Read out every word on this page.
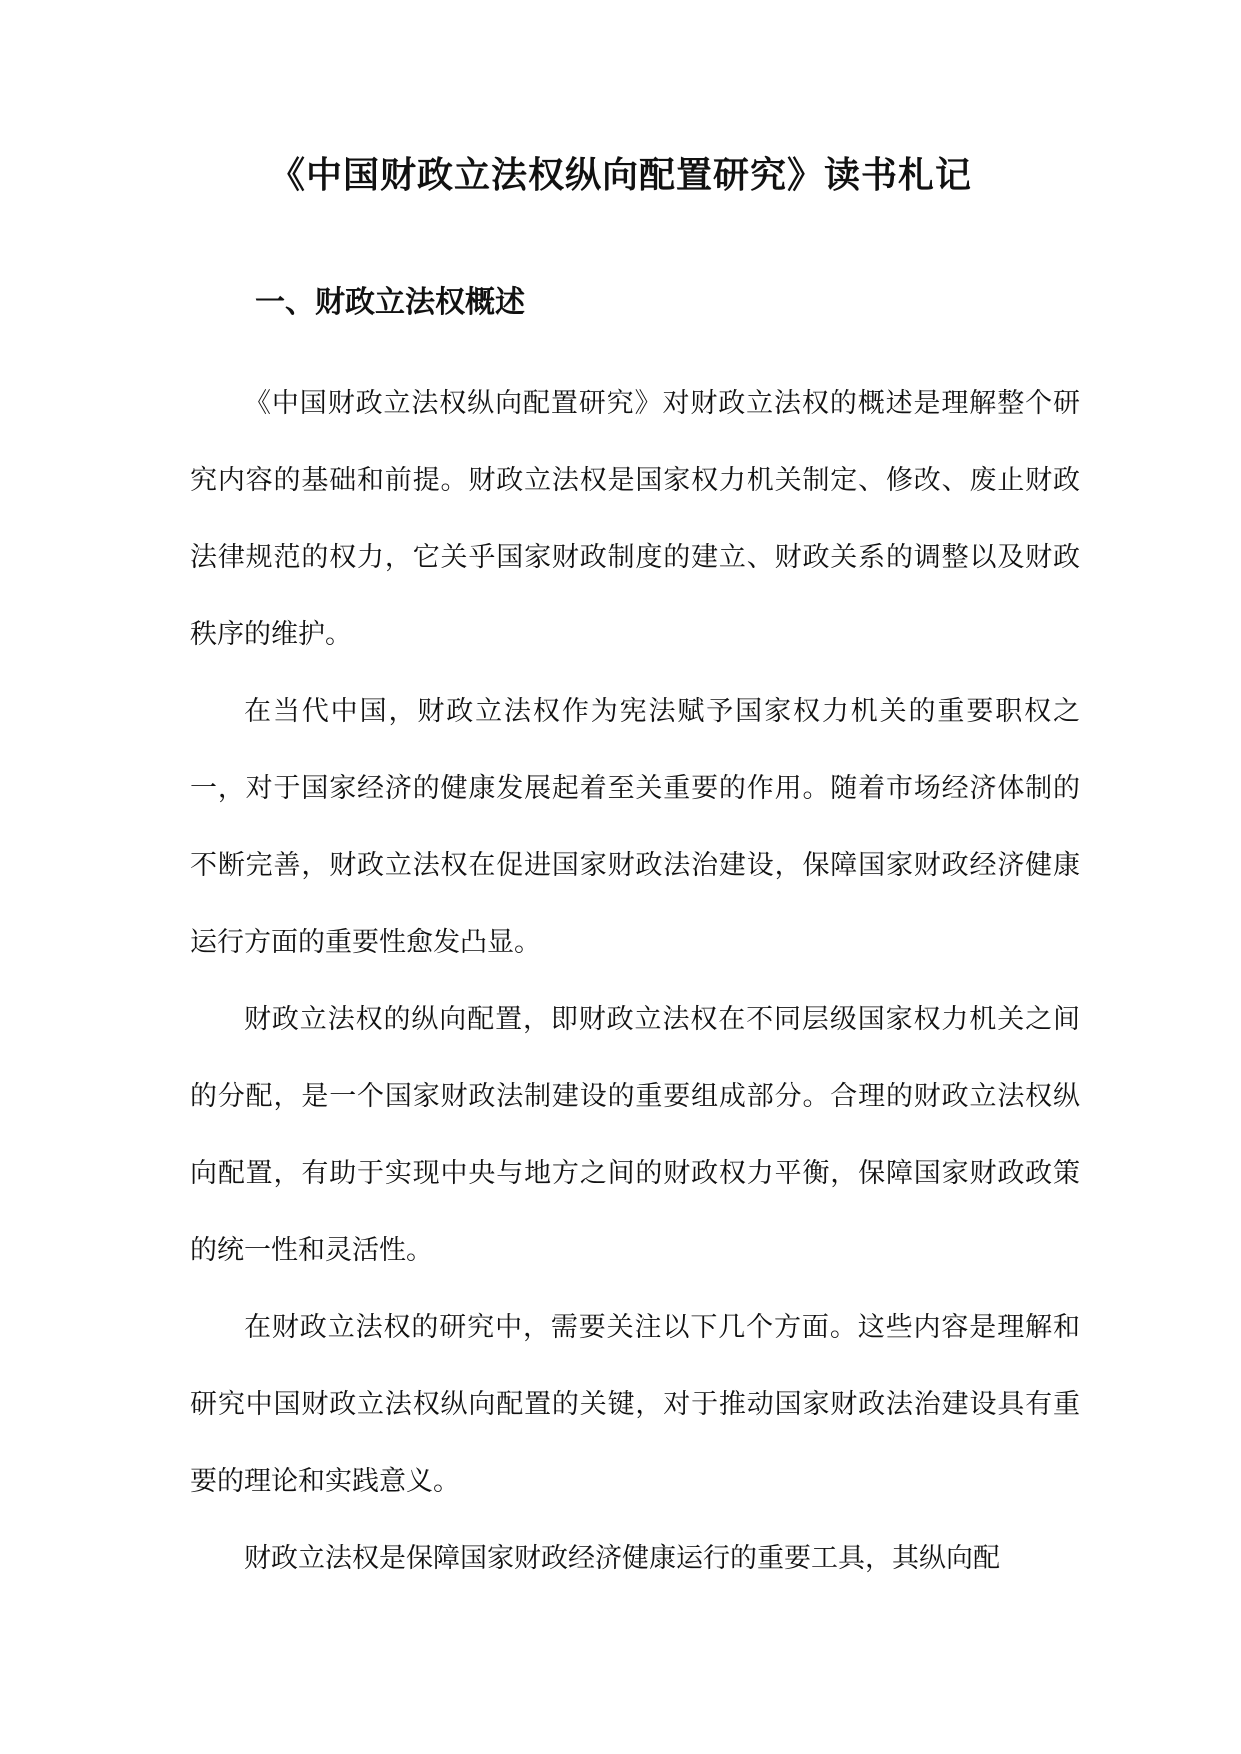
《中国财政立法权纵向配置研究》读书札记
一、财政立法权概述

《中国财政立法权纵向配置研究》对财政立法权的概述是理解整个研究内容的基础和前提。财政立法权是国家权力机关制定、修改、废止财政法律规范的权力，它关乎国家财政制度的建立、财政关系的调整以及财政秩序的维护。

在当代中国，财政立法权作为宪法赋予国家权力机关的重要职权之一，对于国家经济的健康发展起着至关重要的作用。随着市场经济体制的不断完善，财政立法权在促进国家财政法治建设，保障国家财政经济健康运行方面的重要性愈发凸显。

财政立法权的纵向配置，即财政立法权在不同层级国家权力机关之间的分配，是一个国家财政法制建设的重要组成部分。合理的财政立法权纵向配置，有助于实现中央与地方之间的财政权力平衡，保障国家财政政策的统一性和灵活性。

在财政立法权的研究中，需要关注以下几个方面。这些内容是理解和研究中国财政立法权纵向配置的关键，对于推动国家财政法治建设具有重要的理论和实践意义。

财政立法权是保障国家财政经济健康运行的重要工具，其纵向配
